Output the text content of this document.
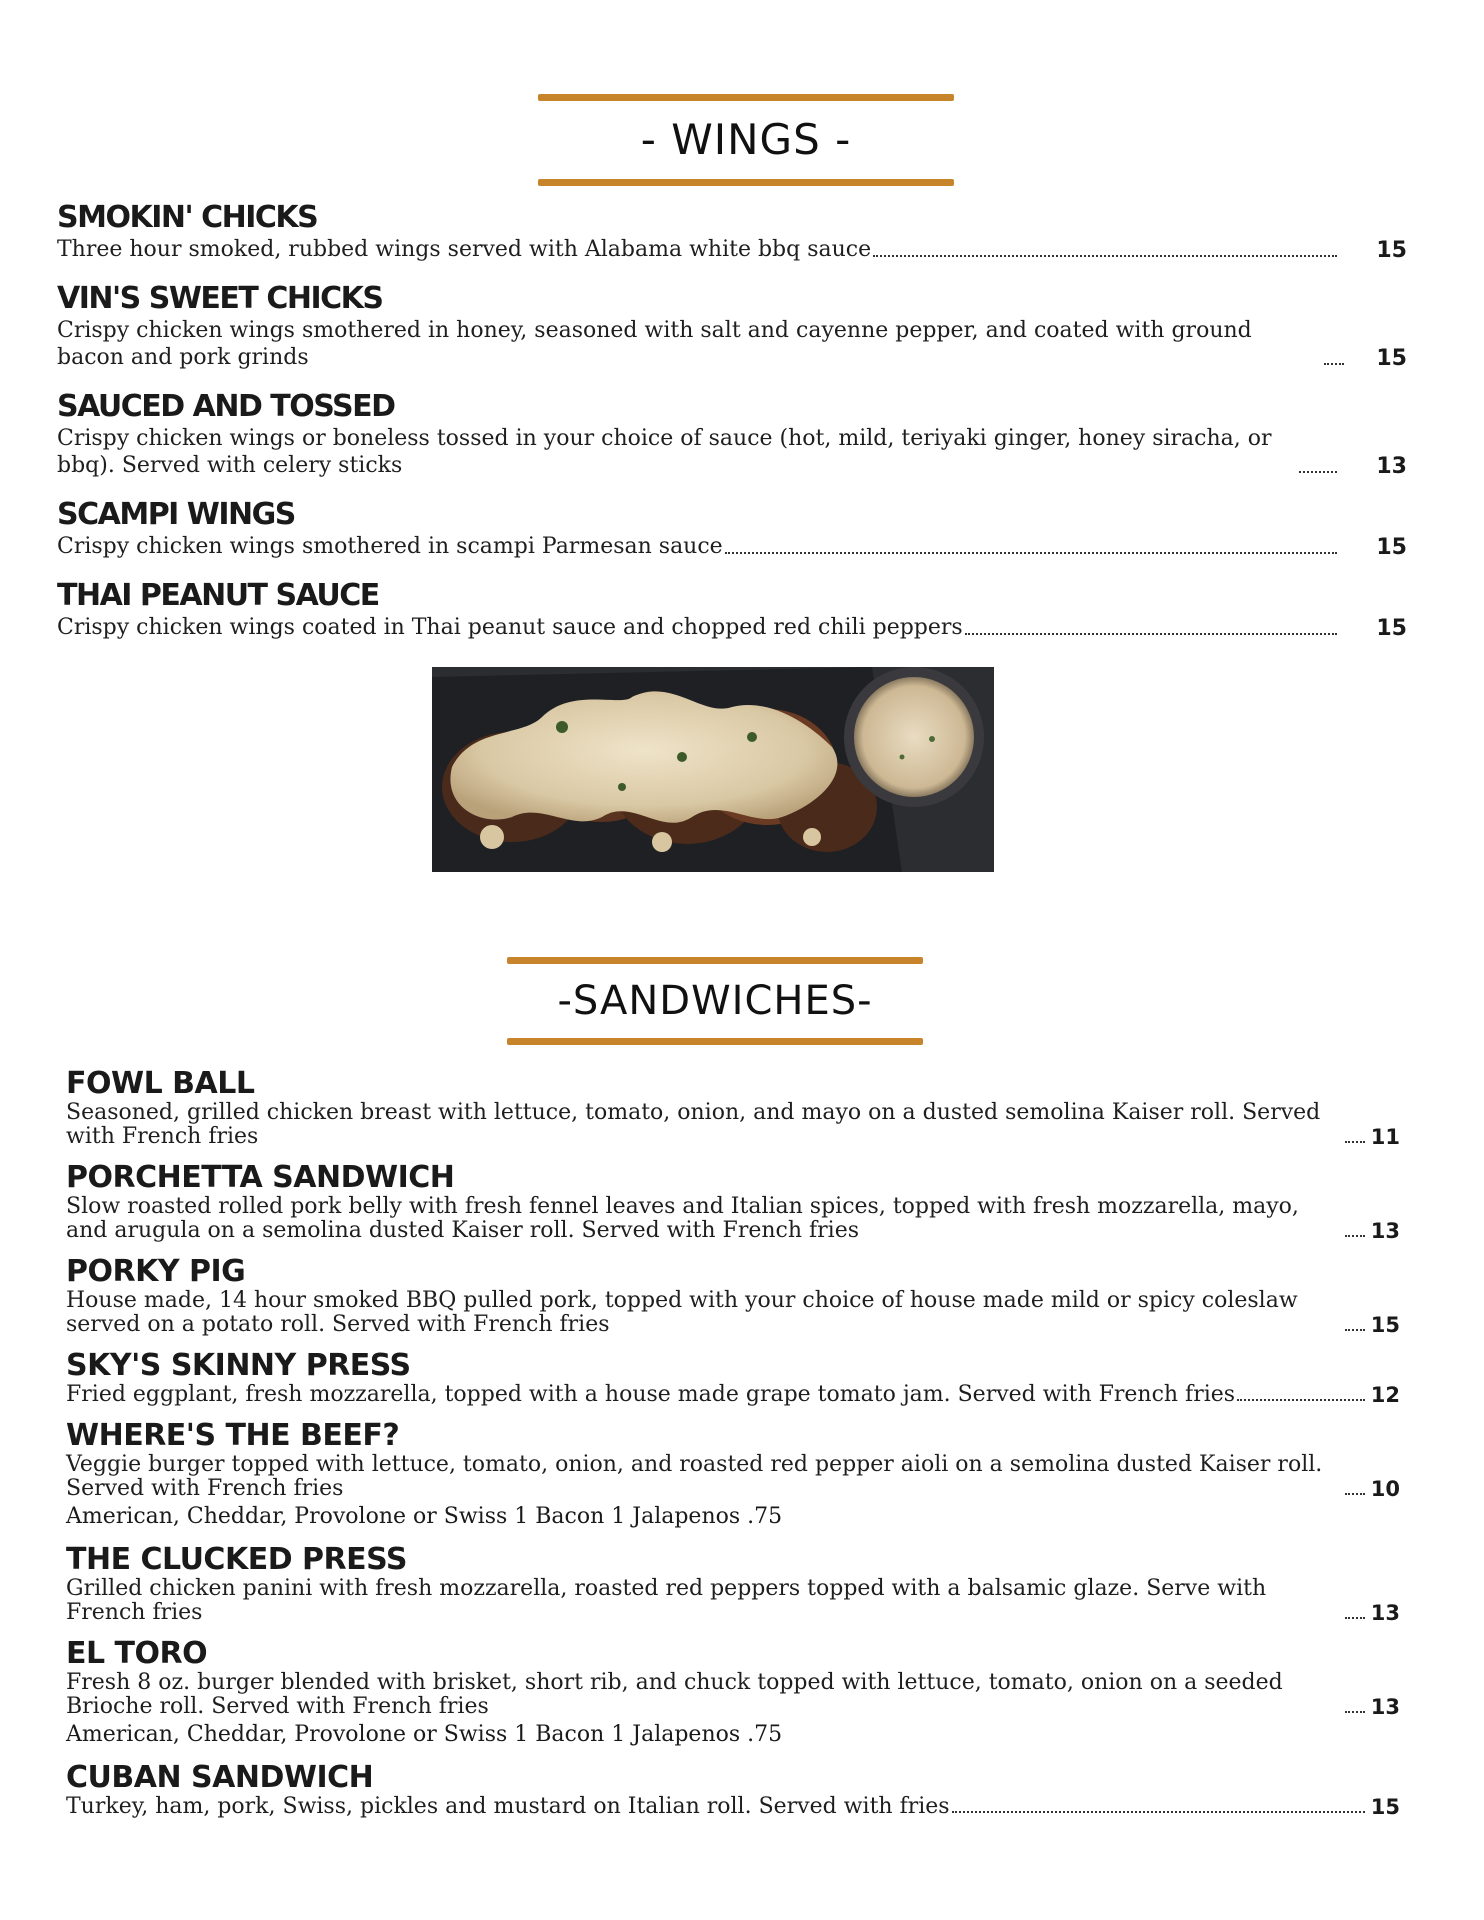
- WINGS -
SMOKIN' CHICKS
Three hour smoked, rubbed wings served with Alabama white bbq sauce	15
VIN'S SWEET CHICKS
Crispy chicken wings smothered in honey, seasoned with salt and cayenne pepper, and coated with ground bacon and pork grinds	15
SAUCED AND TOSSED
Crispy chicken wings or boneless tossed in your choice of sauce (hot, mild, teriyaki ginger, honey siracha, or bbq). Served with celery sticks	13
SCAMPI WINGS
Crispy chicken wings smothered in scampi Parmesan sauce	15
THAI PEANUT SAUCE
Crispy chicken wings coated in Thai peanut sauce and chopped red chili peppers	15
-SANDWICHES-
FOWL BALL
Seasoned, grilled chicken breast with lettuce, tomato, onion, and mayo on a dusted semolina Kaiser roll. Served with French fries	11
PORCHETTA SANDWICH
Slow roasted rolled pork belly with fresh fennel leaves and Italian spices, topped with fresh mozzarella, mayo, and arugula on a semolina dusted Kaiser roll. Served with French fries	13
PORKY PIG
House made, 14 hour smoked BBQ pulled pork, topped with your choice of house made mild or spicy coleslaw served on a potato roll. Served with French fries	15
SKY'S SKINNY PRESS
Fried eggplant, fresh mozzarella, topped with a house made grape tomato jam. Served with French fries	12
WHERE'S THE BEEF?
Veggie burger topped with lettuce, tomato, onion, and roasted red pepper aioli on a semolina dusted Kaiser roll. Served with French fries	10
American, Cheddar, Provolone or Swiss 1 Bacon 1 Jalapenos .75
THE CLUCKED PRESS
Grilled chicken panini with fresh mozzarella, roasted red peppers topped with a balsamic glaze. Serve with French fries	13
EL TORO
Fresh 8 oz. burger blended with brisket, short rib, and chuck topped with lettuce, tomato, onion on a seeded Brioche roll. Served with French fries	13
American, Cheddar, Provolone or Swiss 1 Bacon 1 Jalapenos .75
CUBAN SANDWICH
Turkey, ham, pork, Swiss, pickles and mustard on Italian roll. Served with fries	15
